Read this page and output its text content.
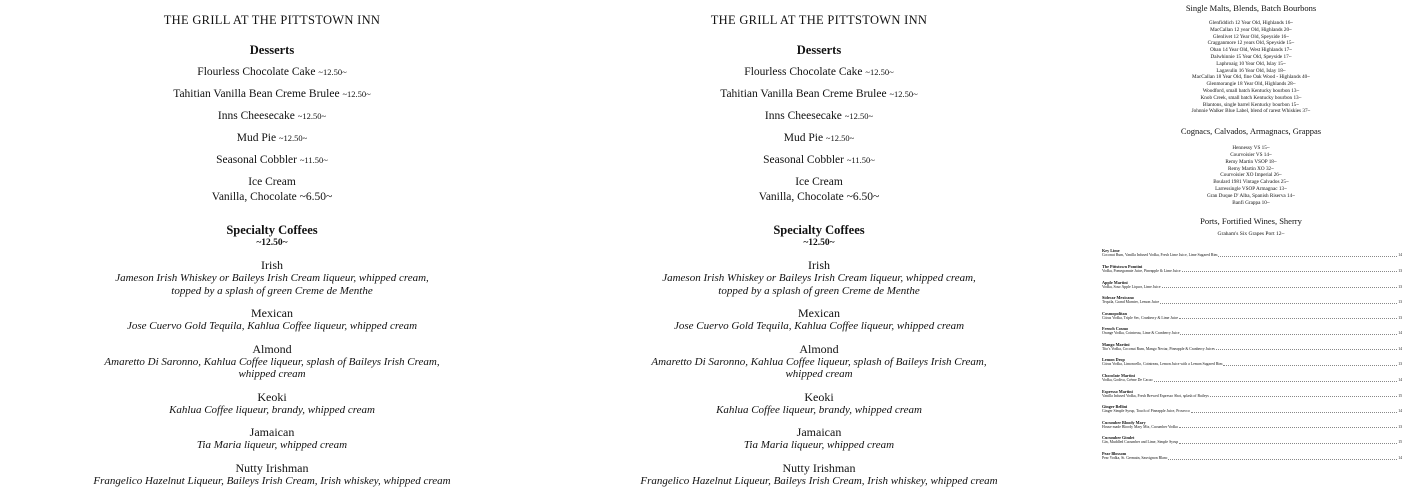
THE GRILL AT THE PITTSTOWN INN
Desserts
Flourless Chocolate Cake ~12.50~
Tahitian Vanilla Bean Creme Brulee ~12.50~
Inns Cheesecake ~12.50~
Mud Pie ~12.50~
Seasonal Cobbler ~11.50~
Ice Cream
Vanilla, Chocolate ~6.50~
Specialty Coffees
~12.50~
Irish
Jameson Irish Whiskey or Baileys Irish Cream liqueur, whipped cream, topped by a splash of green Creme de Menthe
Mexican
Jose Cuervo Gold Tequila, Kahlua Coffee liqueur, whipped cream
Almond
Amaretto Di Saronno, Kahlua Coffee liqueur, splash of Baileys Irish Cream, whipped cream
Keoki
Kahlua Coffee liqueur, brandy, whipped cream
Jamaican
Tia Maria liqueur, whipped cream
Nutty Irishman
Frangelico Hazelnut Liqueur, Baileys Irish Cream, Irish whiskey, whipped cream
THE GRILL AT THE PITTSTOWN INN
Desserts
Flourless Chocolate Cake ~12.50~
Tahitian Vanilla Bean Creme Brulee ~12.50~
Inns Cheesecake ~12.50~
Mud Pie ~12.50~
Seasonal Cobbler ~11.50~
Ice Cream
Vanilla, Chocolate ~6.50~
Specialty Coffees
~12.50~
Irish
Jameson Irish Whiskey or Baileys Irish Cream liqueur, whipped cream, topped by a splash of green Creme de Menthe
Mexican
Jose Cuervo Gold Tequila, Kahlua Coffee liqueur, whipped cream
Almond
Amaretto Di Saronno, Kahlua Coffee liqueur, splash of Baileys Irish Cream, whipped cream
Keoki
Kahlua Coffee liqueur, brandy, whipped cream
Jamaican
Tia Maria liqueur, whipped cream
Nutty Irishman
Frangelico Hazelnut Liqueur, Baileys Irish Cream, Irish whiskey, whipped cream
Single Malts, Blends, Batch Bourbons
Glenfiddich 12 Year Old, Highlands 16~
MacCallan 12 year Old, Highlands 20~
Glenlivet 12 Year Old, Speyside 16~
Cragganmore 12 years Old, Speyside 15~
Oban 14 Year Old, West Highlands 17~
Dalwhinnie 15 Year Old, Speyside 17~
Laphroaig 10 Year Old, Islay 15~
Lagavulin 16 Year Old, Islay 18~
MacCallan 18 Year Old, fine Oak Wood - Highlands 40~
Glenmorangie 18 Year Old, Highlands 28~
Woodford, small batch Kentucky bourbon 13~
Knob Creek, small batch Kentucky bourbon 13~
Blantons, single barrel Kentucky bourbon 15~
Johnnie Walker Blue Label, blend of rarest Whiskies 37~
Cognacs, Calvados, Armagnacs, Grappas
Hennessy VS 15~
Courvoisier VS 14~
Remy Martin VSOP 18~
Remy Martin XO 32~
Courvoisier XO Imperial 26~
Boulard 1981 Vintage Calvados 25~
Larressingle VSOP Armagnac 13~
Gran Duque D' Alba, Spanish Riserva 14~
Banfi Grappa 10~
Ports, Fortified Wines, Sherry
Graham's Six Grapes Port 12~
Key Lime
Coconut Rum, Vanilla Infused Vodka, Fresh Lime Juice, Lime Sugared Rim	14
The Pittstown Pomtini
Vodka, Pomegranate Juice, Pineapple & Lime Juice	13
Apple Martini
Vodka, Sour Apple Liquor, Lime Juice	13
Sidecar Mexicano
Tequila, Grand Marnier, Lemon Juice	13
Cosmopolitan
Citrus Vodka, Triple Sec, Cranberry & Lime Juice	13
French Cosmo
Orange Vodka, Cointreau, Lime & Cranberry Juice	14
Mango Martini
Tito's Vodka, Coconut Rum, Mango Nectar, Pineapple & Cranberry Juices	14
Lemon Drop
Citrus Vodka, Limoncello, Cointreau, Lemon Juice with a Lemon Sugared Rim	13
Chocolate Martini
Vodka, Godiva, Crème De Cacao	14
Espresso Martini
Vanilla Infused Vodka, Fresh Brewed Espresso Shot, splash of Baileys	15
Ginger Bellini
Ginger Simple Syrup, Touch of Pineapple Juice, Prosecco	14
Cucumber Bloody Mary
House made Bloody Mary Mix, Cucumber Vodka	13
Cucumber Gimlet
Gin, Muddled Cucumber and Lime, Simple Syrup	15
Pear Blossom
Pear Vodka, St. Germain, Sauvignon Blanc	14
